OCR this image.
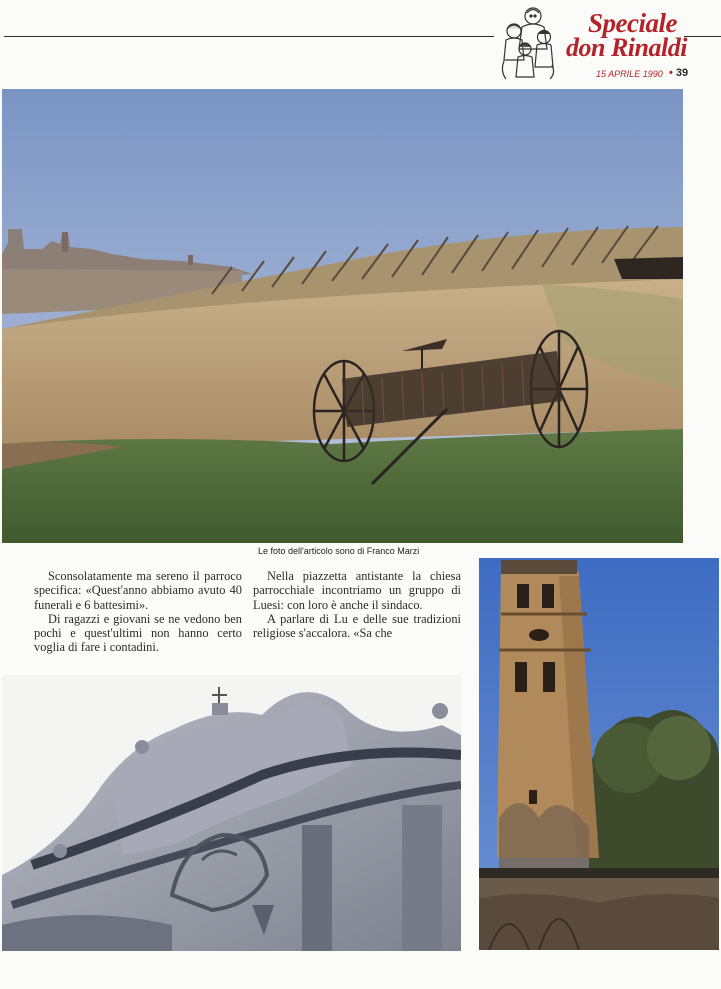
Speciale
don Rinaldi
15 APRILE 1990 • 39
Le foto dell'articolo sono di Franco Marzi

Sconsolatamente ma sereno il parroco specifica: «Quest'anno abbiamo avuto 40 funerali e 6 battesimi».

Di ragazzi e giovani se ne vedono ben pochi e quest'ultimi non hanno certo voglia di fare i contadini.

Nella piazzetta antistante la chiesa parrocchiale incontriamo un gruppo di Luesi: con loro è anche il sindaco.

A parlare di Lu e delle sue tradizioni religiose s'accalora. «Sa che
